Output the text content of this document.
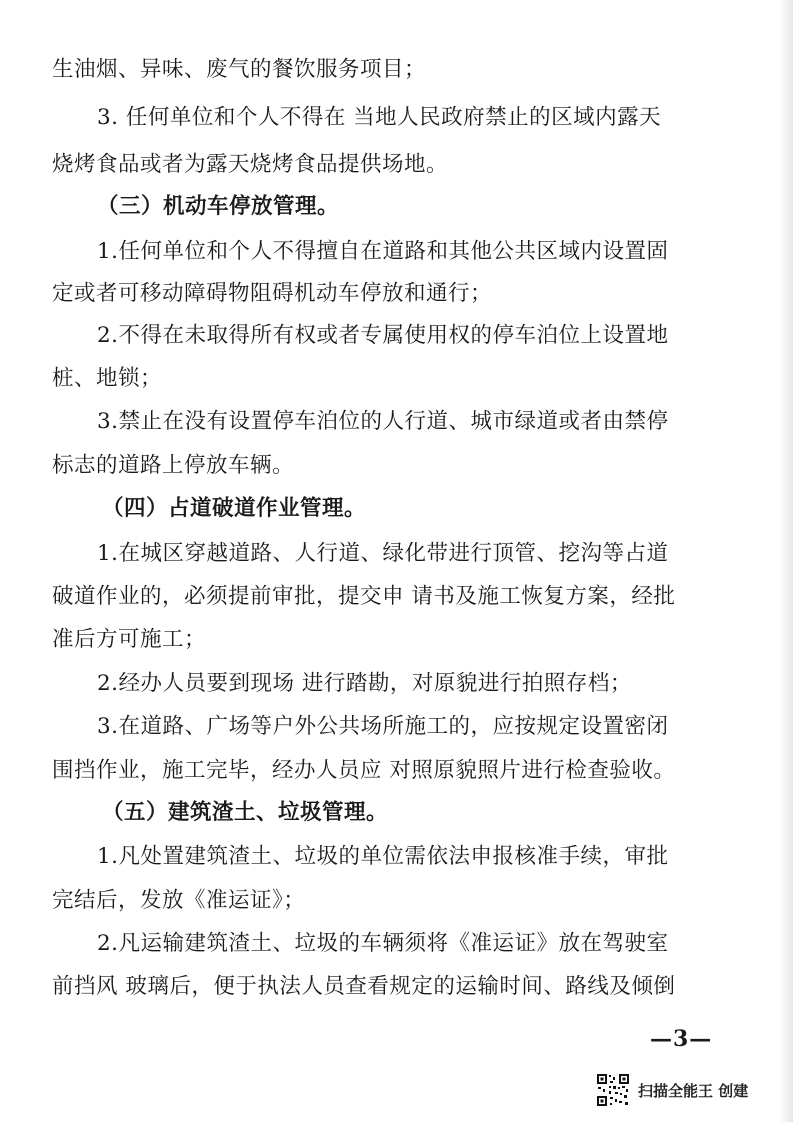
生油烟、异味、废气的餐饮服务项目；
3. 任何单位和个人不得在 当地人民政府禁止的区域内露天
烧烤食品或者为露天烧烤食品提供场地。
（三）机动车停放管理。
1.任何单位和个人不得擅自在道路和其他公共区域内设置固
定或者可移动障碍物阻碍机动车停放和通行；
2.不得在未取得所有权或者专属使用权的停车泊位上设置地
桩、地锁；
3.禁止在没有设置停车泊位的人行道、城市绿道或者由禁停
标志的道路上停放车辆。
（四）占道破道作业管理。
1.在城区穿越道路、人行道、绿化带进行顶管、挖沟等占道
破道作业的，必须提前审批，提交申 请书及施工恢复方案，经批
准后方可施工；
2.经办人员要到现场 进行踏勘，对原貌进行拍照存档；
3.在道路、广场等户外公共场所施工的，应按规定设置密闭
围挡作业，施工完毕，经办人员应 对照原貌照片进行检查验收。
（五）建筑渣土、垃圾管理。
1.凡处置建筑渣土、垃圾的单位需依法申报核准手续，审批
完结后，发放《准运证》；
2.凡运输建筑渣土、垃圾的车辆须将《准运证》放在驾驶室
前挡风 玻璃后，便于执法人员查看规定的运输时间、路线及倾倒
—3—
扫描全能王 创建
